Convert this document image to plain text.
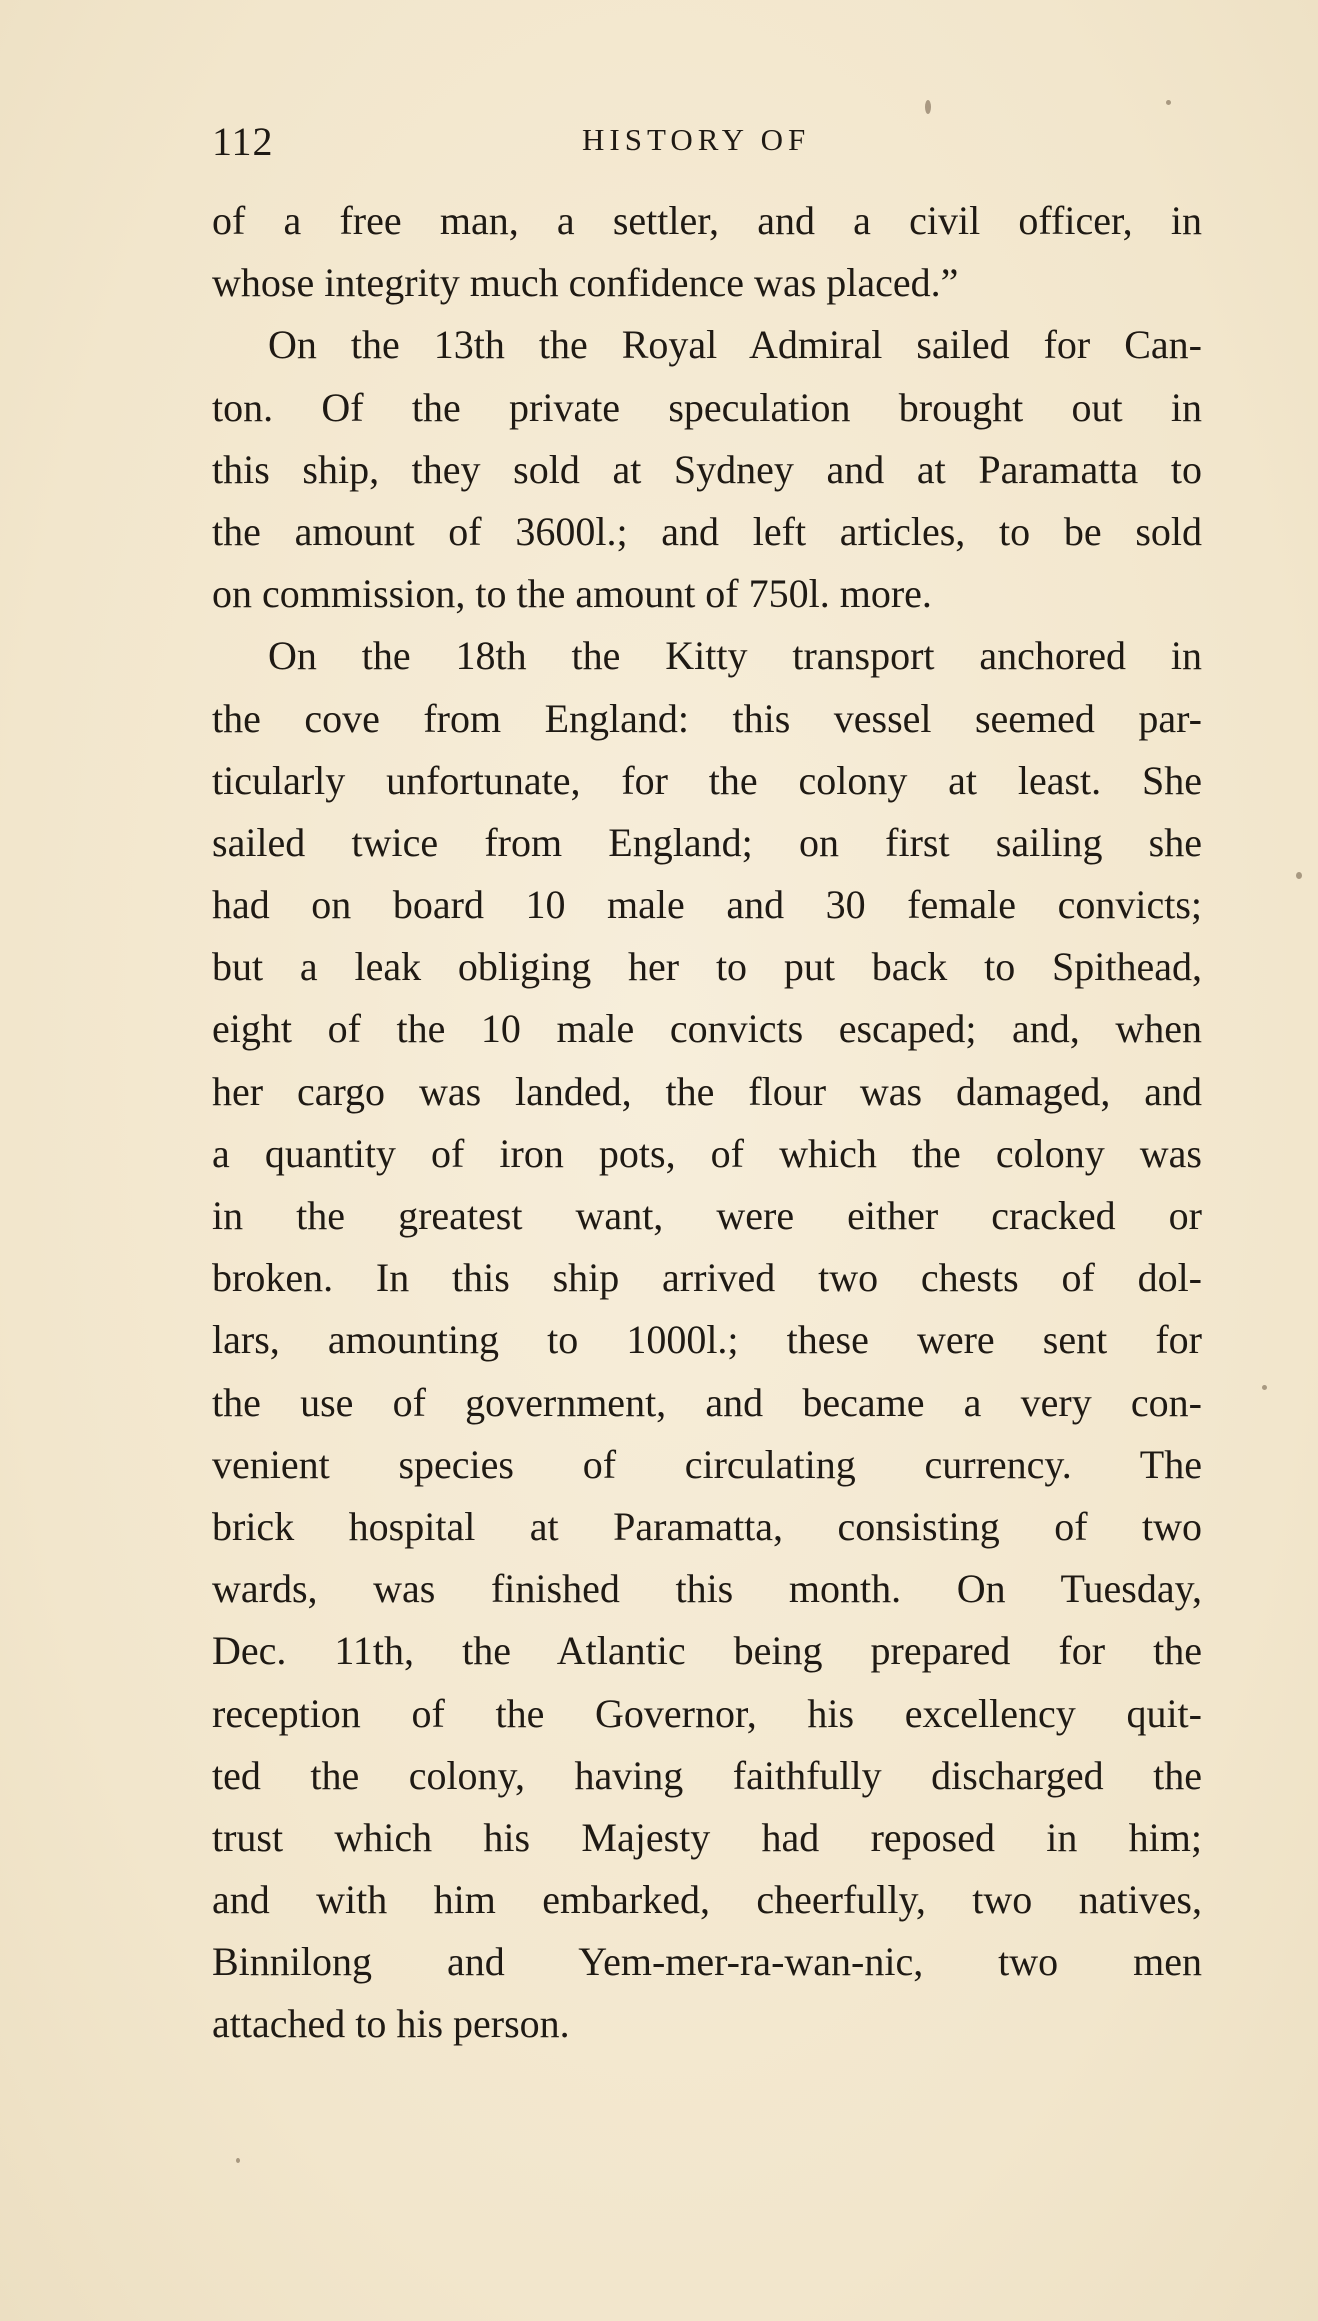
112	HISTORY OF
of a free man, a settler, and a civil officer, in
whose integrity much confidence was placed.”
On the 13th the Royal Admiral sailed for Can-
ton. Of the private speculation brought out in
this ship, they sold at Sydney and at Paramatta to
the amount of 3600l.; and left articles, to be sold
on commission, to the amount of 750l. more.
On the 18th the Kitty transport anchored in
the cove from England: this vessel seemed par-
ticularly unfortunate, for the colony at least. She
sailed twice from England; on first sailing she
had on board 10 male and 30 female convicts;
but a leak obliging her to put back to Spithead,
eight of the 10 male convicts escaped; and, when
her cargo was landed, the flour was damaged, and
a quantity of iron pots, of which the colony was
in the greatest want, were either cracked or
broken. In this ship arrived two chests of dol-
lars, amounting to 1000l.; these were sent for
the use of government, and became a very con-
venient species of circulating currency. The
brick hospital at Paramatta, consisting of two
wards, was finished this month. On Tuesday,
Dec. 11th, the Atlantic being prepared for the
reception of the Governor, his excellency quit-
ted the colony, having faithfully discharged the
trust which his Majesty had reposed in him;
and with him embarked, cheerfully, two natives,
Binnilong and Yem-mer-ra-wan-nic, two men
attached to his person.
